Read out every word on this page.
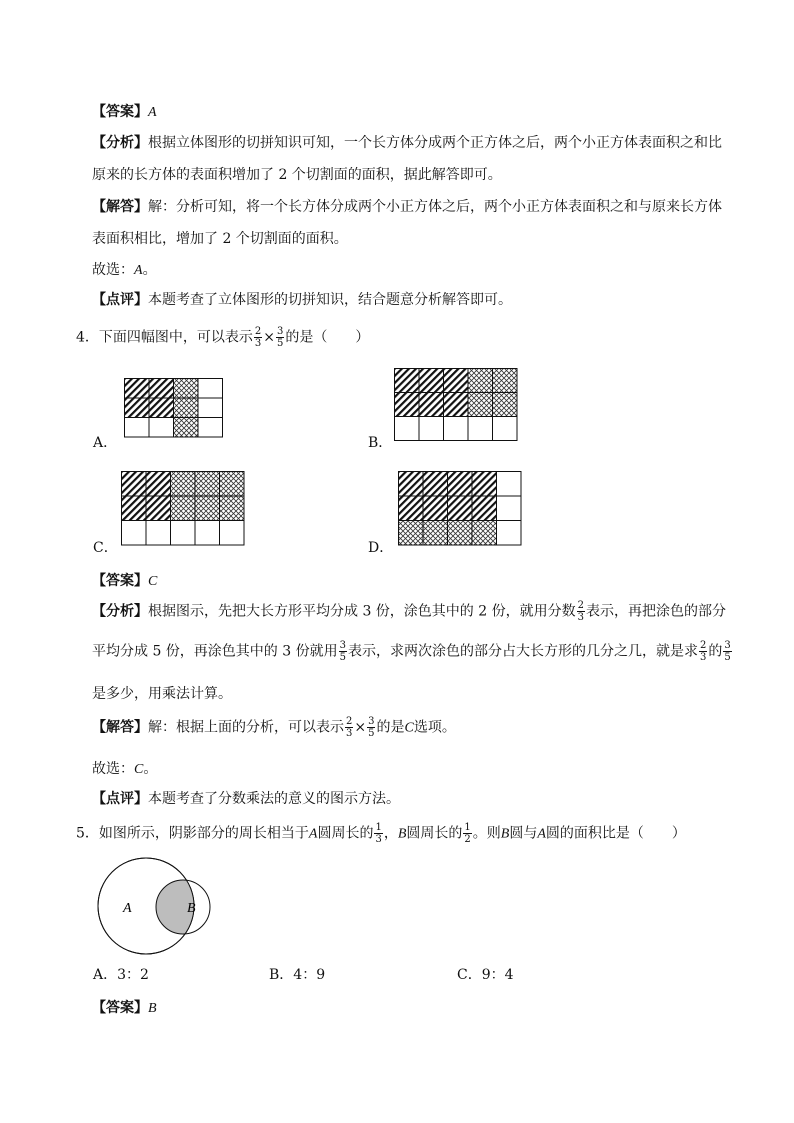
【答案】A
【分析】根据立体图形的切拼知识可知，一个长方体分成两个正方体之后，两个小正方体表面积之和比
原来的长方体的表面积增加了 2 个切割面的面积，据此解答即可。
【解答】解：分析可知，将一个长方体分成两个小正方体之后，两个小正方体表面积之和与原来长方体
表面积相比，增加了 2 个切割面的面积。
故选：A。
【点评】本题考查了立体图形的切拼知识，结合题意分析解答即可。
4．下面四幅图中，可以表示 $\frac{2}{3} \times \frac{3}{5}$ 的是（　　）
A．	B．
C．	D．
【答案】C
【分析】根据图示，先把大长方形平均分成 3 份，涂色其中的 2 份，就用分数 $\frac{2}{3}$ 表示，再把涂色的部分
平均分成 5 份，再涂色其中的 3 份就用 $\frac{3}{5}$ 表示，求两次涂色的部分占大长方形的几分之几，就是求 $\frac{2}{3}$ 的 $\frac{3}{5}$
是多少，用乘法计算。
【解答】解：根据上面的分析，可以表示 $\frac{2}{3} \times \frac{3}{5}$ 的是C选项。
故选：C。
【点评】本题考查了分数乘法的意义的图示方法。
5．如图所示，阴影部分的周长相当于A圆周长的 $\frac{1}{3}$ ，B圆周长的 $\frac{1}{2}$ 。则B圆与A圆的面积比是（　　）
A	B
A．3：2	B．4：9	C．9：4
【答案】B
